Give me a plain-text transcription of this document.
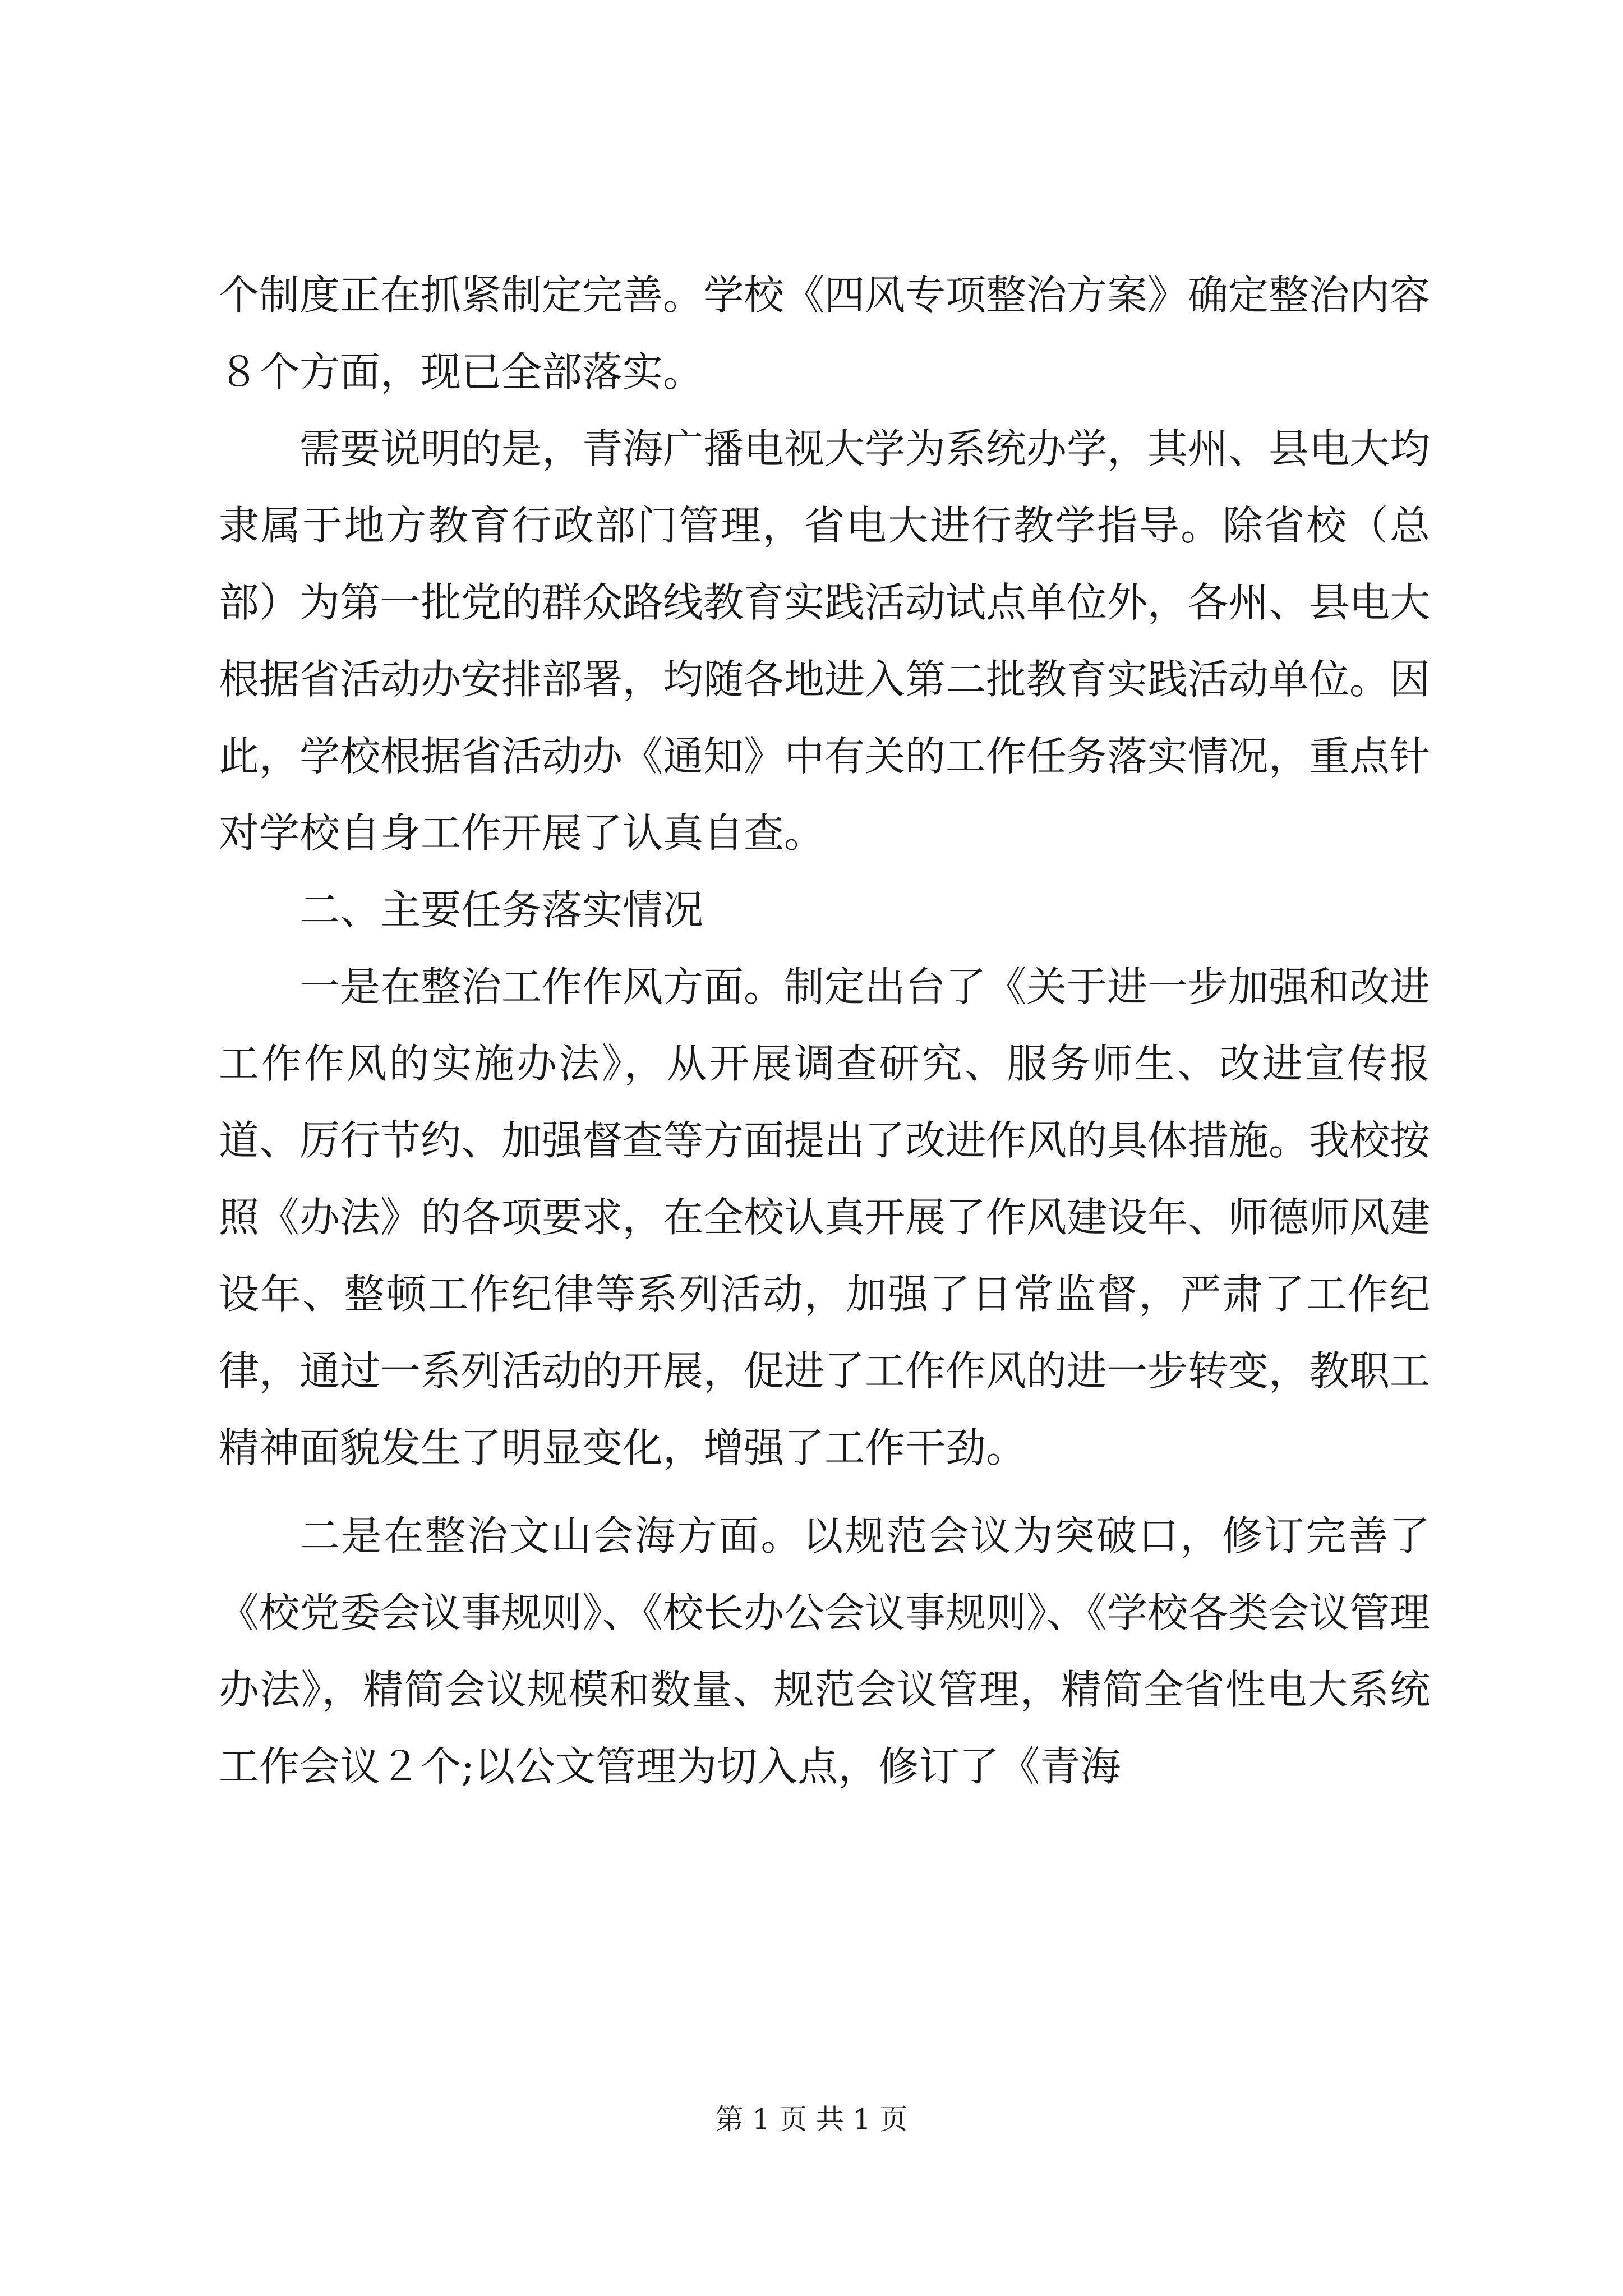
个制度正在抓紧制定完善。学校《四风专项整治方案》确定整治内容８个方面，现已全部落实。

需要说明的是，青海广播电视大学为系统办学，其州、县电大均隶属于地方教育行政部门管理，省电大进行教学指导。除省校（总部）为第一批党的群众路线教育实践活动试点单位外，各州、县电大根据省活动办安排部署，均随各地进入第二批教育实践活动单位。因此，学校根据省活动办《通知》中有关的工作任务落实情况，重点针对学校自身工作开展了认真自查。

二、主要任务落实情况

一是在整治工作作风方面。制定出台了《关于进一步加强和改进工作作风的实施办法》，从开展调查研究、服务师生、改进宣传报道、厉行节约、加强督查等方面提出了改进作风的具体措施。我校按照《办法》的各项要求，在全校认真开展了作风建设年、师德师风建设年、整顿工作纪律等系列活动，加强了日常监督，严肃了工作纪律，通过一系列活动的开展，促进了工作作风的进一步转变，教职工精神面貌发生了明显变化，增强了工作干劲。

二是在整治文山会海方面。以规范会议为突破口，修订完善了《校党委会议事规则》、《校长办公会议事规则》、《学校各类会议管理办法》，精简会议规模和数量、规范会议管理，精简全省性电大系统工作会议２个;以公文管理为切入点，修订了《青海

第 1 页 共 1 页
